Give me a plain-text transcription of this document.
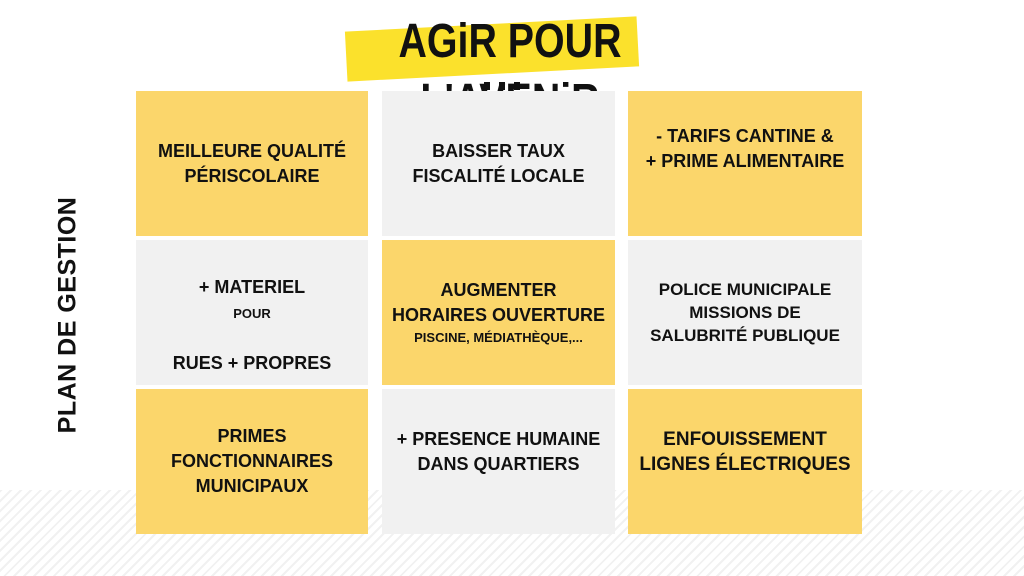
AGiR POUR
PLAN DE GESTION
MEILLEURE QUALITÉ
PÉRISCOLAIRE
BAISSER TAUX
FISCALITÉ LOCALE
- TARIFS CANTINE &
+ PRIME ALIMENTAIRE

+ MATERIEL
POUR

RUES + PROPRES

AUGMENTER
HORAIRES OUVERTURE

PISCINE, MÉDIATHÈQUE,...

POLICE MUNICIPALE
MISSIONS DE
SALUBRITÉ PUBLIQUE
PRIMES
FONCTIONNAIRES
MUNICIPAUX
+ PRESENCE HUMAINE
DANS QUARTIERS
ENFOUISSEMENT
LIGNES ÉLECTRIQUES
